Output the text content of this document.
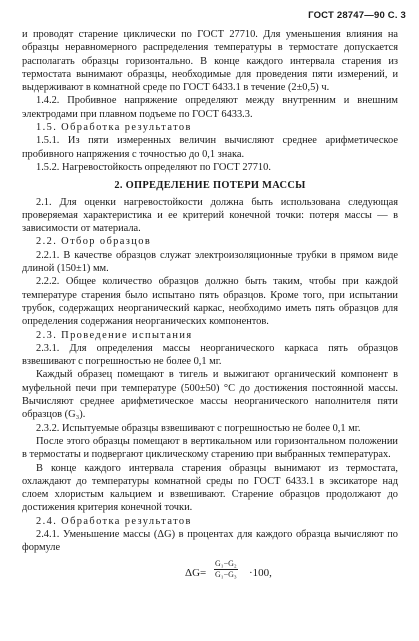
ГОСТ 28747—90 С. 3

и проводят старение циклически по ГОСТ 27710. Для уменьшения влияния на образцы неравномерного распределения температуры в термостате допускается располагать образцы горизонтально. В конце каждого интервала старения из термостата вынимают образцы, необходимые для проведения пяти измерений, и выдерживают в комнатной среде по ГОСТ 6433.1 в течение (2±0,5) ч.

1.4.2. Пробивное напряжение определяют между внутренним и внешним электродами при плавном подъеме по ГОСТ 6433.3.

1.5. Обработка результатов

1.5.1. Из пяти измеренных величин вычисляют среднее арифметическое пробивного напряжения с точностью до 0,1 знака.

1.5.2. Нагревостойкость определяют по ГОСТ 27710.

2. ОПРЕДЕЛЕНИЕ ПОТЕРИ МАССЫ

2.1. Для оценки нагревостойкости должна быть использована следующая проверяемая характеристика и ее критерий конечной точки: потеря массы — в зависимости от материала.

2.2. Отбор образцов

2.2.1. В качестве образцов служат электроизоляционные трубки в прямом виде длиной (150±1) мм.

2.2.2. Общее количество образцов должно быть таким, чтобы при каждой температуре старения было испытано пять образцов. Кроме того, при испытании трубок, содержащих неорганический каркас, необходимо иметь пять образцов для определения содержания неорганических компонентов.

2.3. Проведение испытания

2.3.1. Для определения массы неорганического каркаса пять образцов взвешивают с погрешностью не более 0,1 мг.

Каждый образец помещают в тигель и выжигают органический компонент в муфельной печи при температуре (500±50) °С до достижения постоянной массы. Вычисляют среднее арифметическое массы неорганического наполнителя пяти образцов (G₃).

2.3.2. Испытуемые образцы взвешивают с погрешностью не более 0,1 мг.

После этого образцы помещают в вертикальном или горизонтальном положении в термостаты и подвергают циклическому старению при выбранных температурах.

В конце каждого интервала старения образцы вынимают из термостата, охлаждают до температуры комнатной среды по ГОСТ 6433.1 в эксикаторе над слоем хлористым кальцием и взвешивают. Старение образцов продолжают до достижения критерия конечной точки.

2.4. Обработка результатов

2.4.1. Уменьшение массы (ΔG) в процентах для каждого образца вычисляют по формуле

$\Delta G= \frac{\text{G₁−G₂}}{\text{G₁−G₃}} \cdot 100$,
